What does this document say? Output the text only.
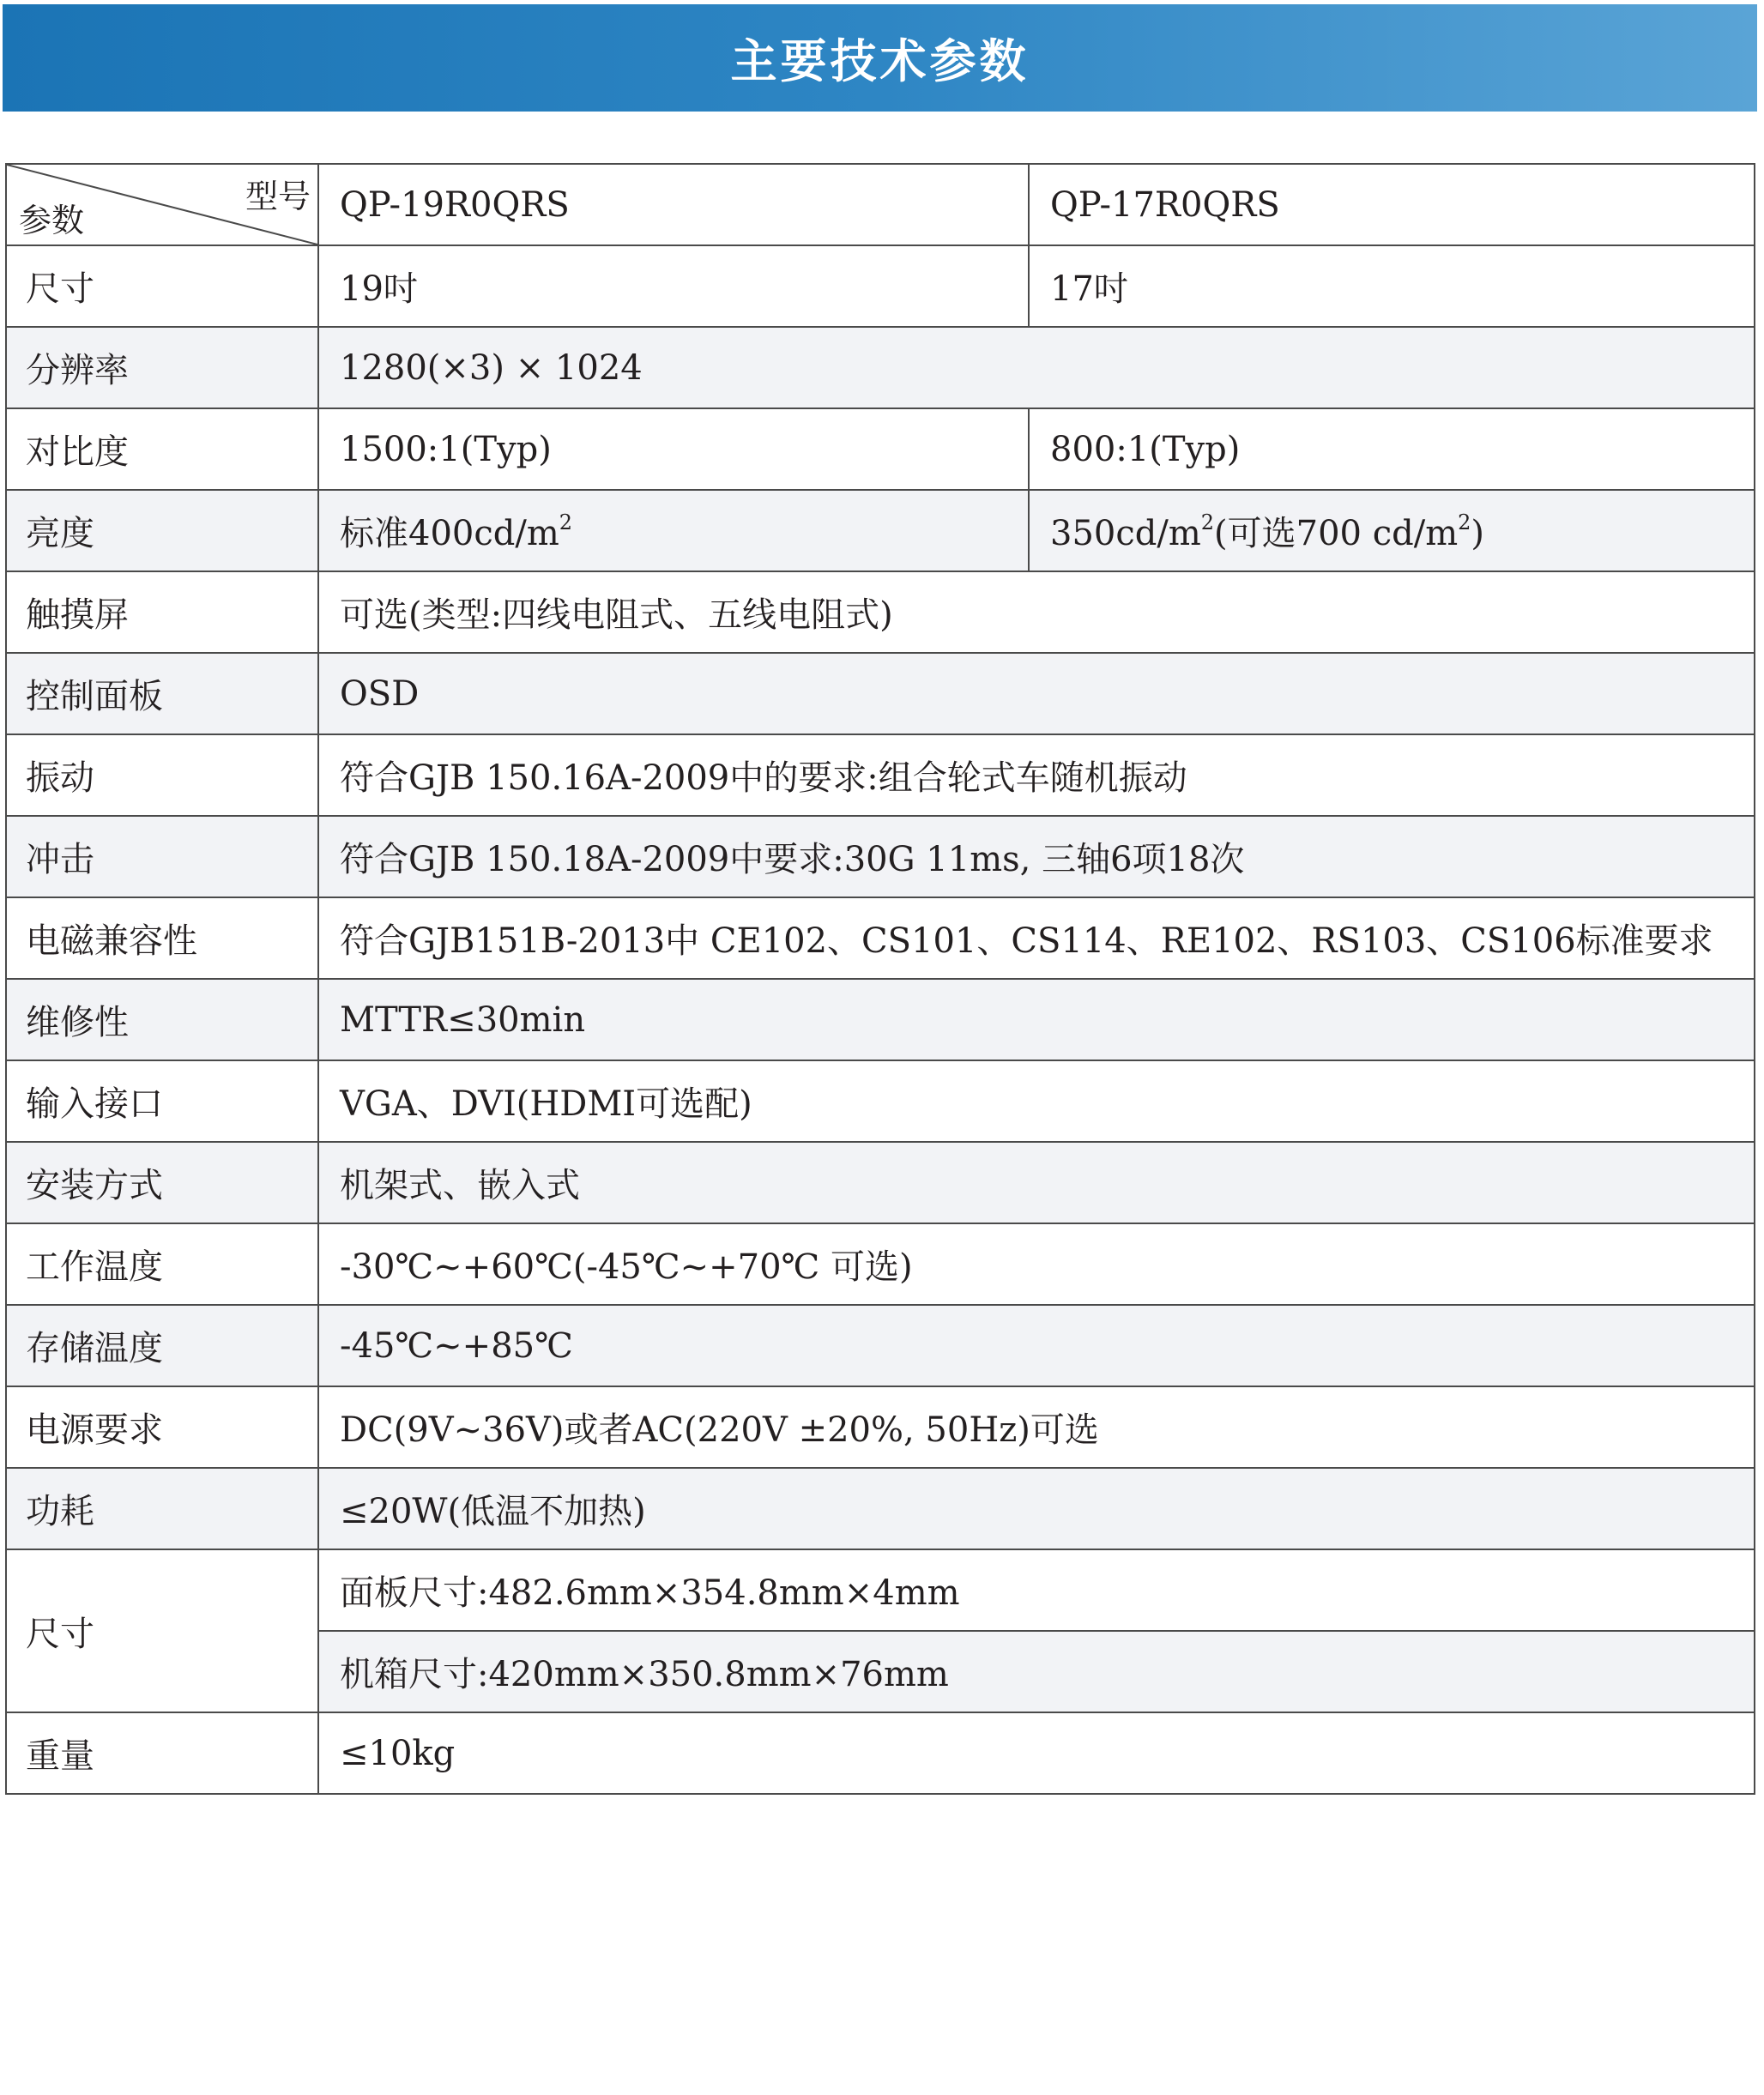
主要技术参数
型号
参数	QP-19R0QRS	QP-17R0QRS
尺寸	19吋	17吋
分辨率	1280(×3) × 1024	
对比度	1500:1(Typ)	800:1(Typ)
亮度	标准$400cd/m^2$	$350cd/m^2$(可选700 $cd/m^2$)
触摸屏	可选(类型:四线电阻式、五线电阻式)	
控制面板	OSD	
振动	符合GJB 150.16A-2009中的要求:组合轮式车随机振动	
冲击	符合GJB 150.18A-2009中要求:30G 11ms, 三轴6项18次	
电磁兼容性	符合GJB151B-2013中 CE102、CS101、CS114、RE102、RS103、CS106标准要求	
维修性	MTTR≤30min	
输入接口	VGA、DVI(HDMI可选配)	
安装方式	机架式、嵌入式	
工作温度	-30℃~+60℃(-45℃~+70℃ 可选)	
存储温度	-45℃~+85℃	
电源要求	DC(9V~36V)或者AC(220V ±20%, 50Hz)可选	
功耗	≤20W(低温不加热)	
尺寸	面板尺寸:482.6mm×354.8mm×4mm	
	机箱尺寸:420mm×350.8mm×76mm	
重量	≤10kg	
